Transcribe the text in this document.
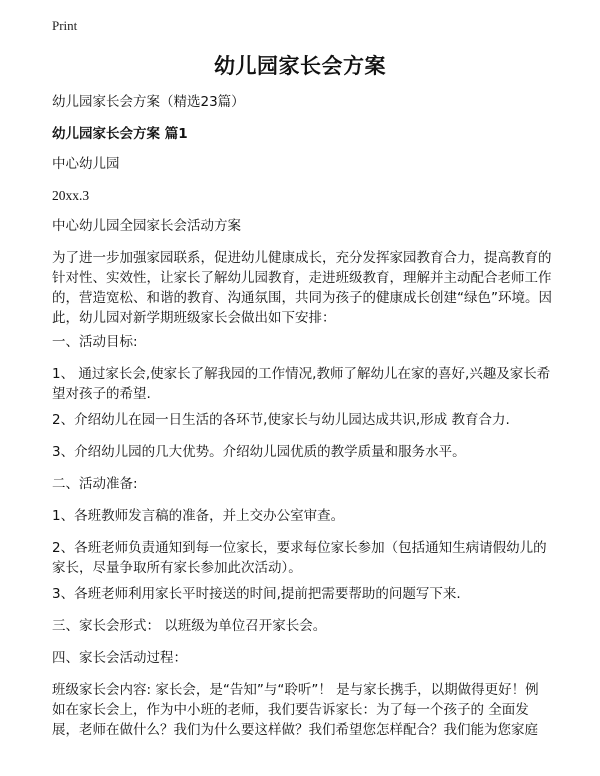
Print
幼儿园家长会方案

幼儿园家长会方案（精选23篇）

幼儿园家长会方案 篇1

中心幼儿园

20xx.3

中心幼儿园全园家长会活动方案

为了进一步加强家园联系，促进幼儿健康成长，充分发挥家园教育合力，提高教育的针对性、实效性，让家长了解幼儿园教育，走进班级教育，理解并主动配合老师工作的，营造宽松、和谐的教育、沟通氛围，共同为孩子的健康成长创建“绿色”环境。因此，幼儿园对新学期班级家长会做出如下安排：

一、活动目标:

1、 通过家长会,使家长了解我园的工作情况,教师了解幼儿在家的喜好,兴趣及家长希望对孩子的希望.

2、介绍幼儿在园一日生活的各环节,使家长与幼儿园达成共识,形成 教育合力.

3、介绍幼儿园的几大优势。介绍幼儿园优质的教学质量和服务水平。

二、活动准备:

1、各班教师发言稿的准备，并上交办公室审查。

2、各班老师负责通知到每一位家长，要求每位家长参加（包括通知生病请假幼儿的家长，尽量争取所有家长参加此次活动）。

3、各班老师利用家长平时接送的时间,提前把需要帮助的问题写下来.

三、家长会形式： 以班级为单位召开家长会。

四、家长会活动过程：

班级家长会内容: 家长会，是“告知”与“聆听”！ 是与家长携手，以期做得更好！例如在家长会上，作为中小班的老师，我们要告诉家长：为了每一个孩子的 全面发展，老师在做什么？我们为什么要这样做？我们希望您怎样配合？我们能为您家庭
